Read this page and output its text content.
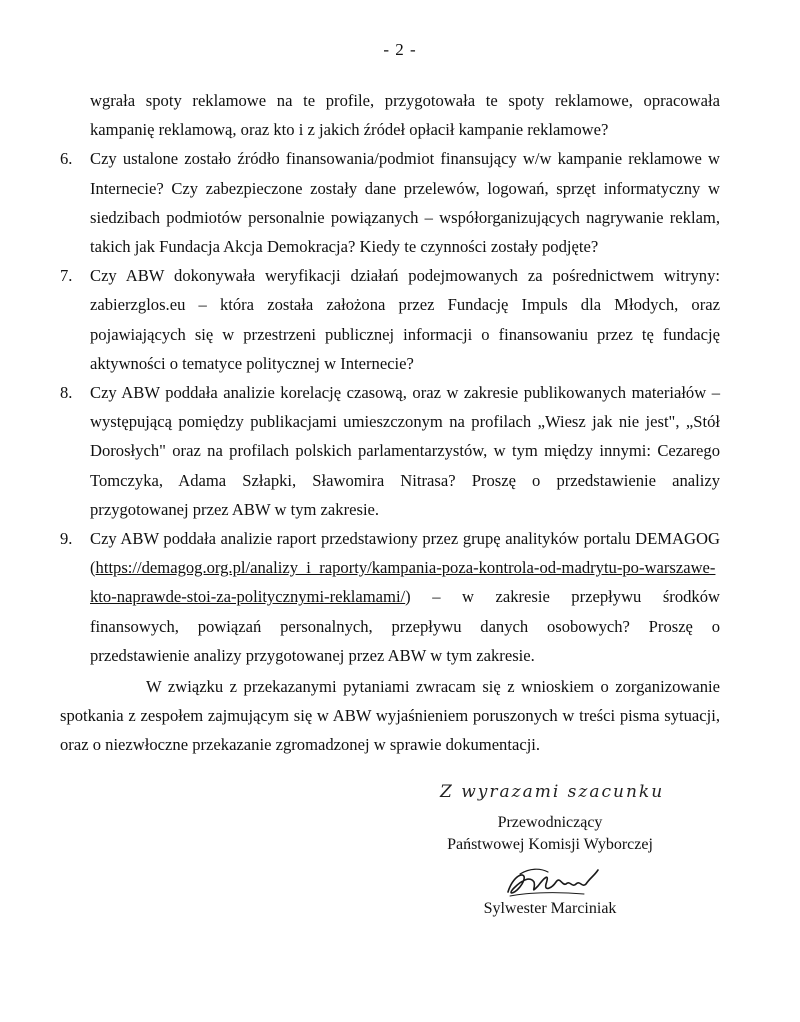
- 2 -

wgrała spoty reklamowe na te profile, przygotowała te spoty reklamowe, opracowała kampanię reklamową, oraz kto i z jakich źródeł opłacił kampanie reklamowe?

6. Czy ustalone zostało źródło finansowania/podmiot finansujący w/w kampanie reklamowe w Internecie? Czy zabezpieczone zostały dane przelewów, logowań, sprzęt informatyczny w siedzibach podmiotów personalnie powiązanych – współorganizujących nagrywanie reklam, takich jak Fundacja Akcja Demokracja? Kiedy te czynności zostały podjęte?
7. Czy ABW dokonywała weryfikacji działań podejmowanych za pośrednictwem witryny: zabierzglos.eu – która została założona przez Fundację Impuls dla Młodych, oraz pojawiających się w przestrzeni publicznej informacji o finansowaniu przez tę fundację aktywności o tematyce politycznej w Internecie?
8. Czy ABW poddała analizie korelację czasową, oraz w zakresie publikowanych materiałów – występującą pomiędzy publikacjami umieszczonym na profilach „Wiesz jak nie jest", „Stół Dorosłych" oraz na profilach polskich parlamentarzystów, w tym między innymi: Cezarego Tomczyka, Adama Szłapki, Sławomira Nitrasa? Proszę o przedstawienie analizy przygotowanej przez ABW w tym zakresie.
9. Czy ABW poddała analizie raport przedstawiony przez grupę analityków portalu DEMAGOG (https://demagog.org.pl/analizy_i_raporty/kampania-poza-kontrola-od-madrytu-po-warszawe-kto-naprawde-stoi-za-politycznymi-reklamami/) – w zakresie przepływu środków finansowych, powiązań personalnych, przepływu danych osobowych? Proszę o przedstawienie analizy przygotowanej przez ABW w tym zakresie.

W związku z przekazanymi pytaniami zwracam się z wnioskiem o zorganizowanie spotkania z zespołem zajmującym się w ABW wyjaśnieniem poruszonych w treści pisma sytuacji, oraz o niezwłoczne przekazanie zgromadzonej w sprawie dokumentacji.

Z wyrazami szacunku
Przewodniczący
Państwowej Komisji Wyborczej
Sylwester Marciniak
